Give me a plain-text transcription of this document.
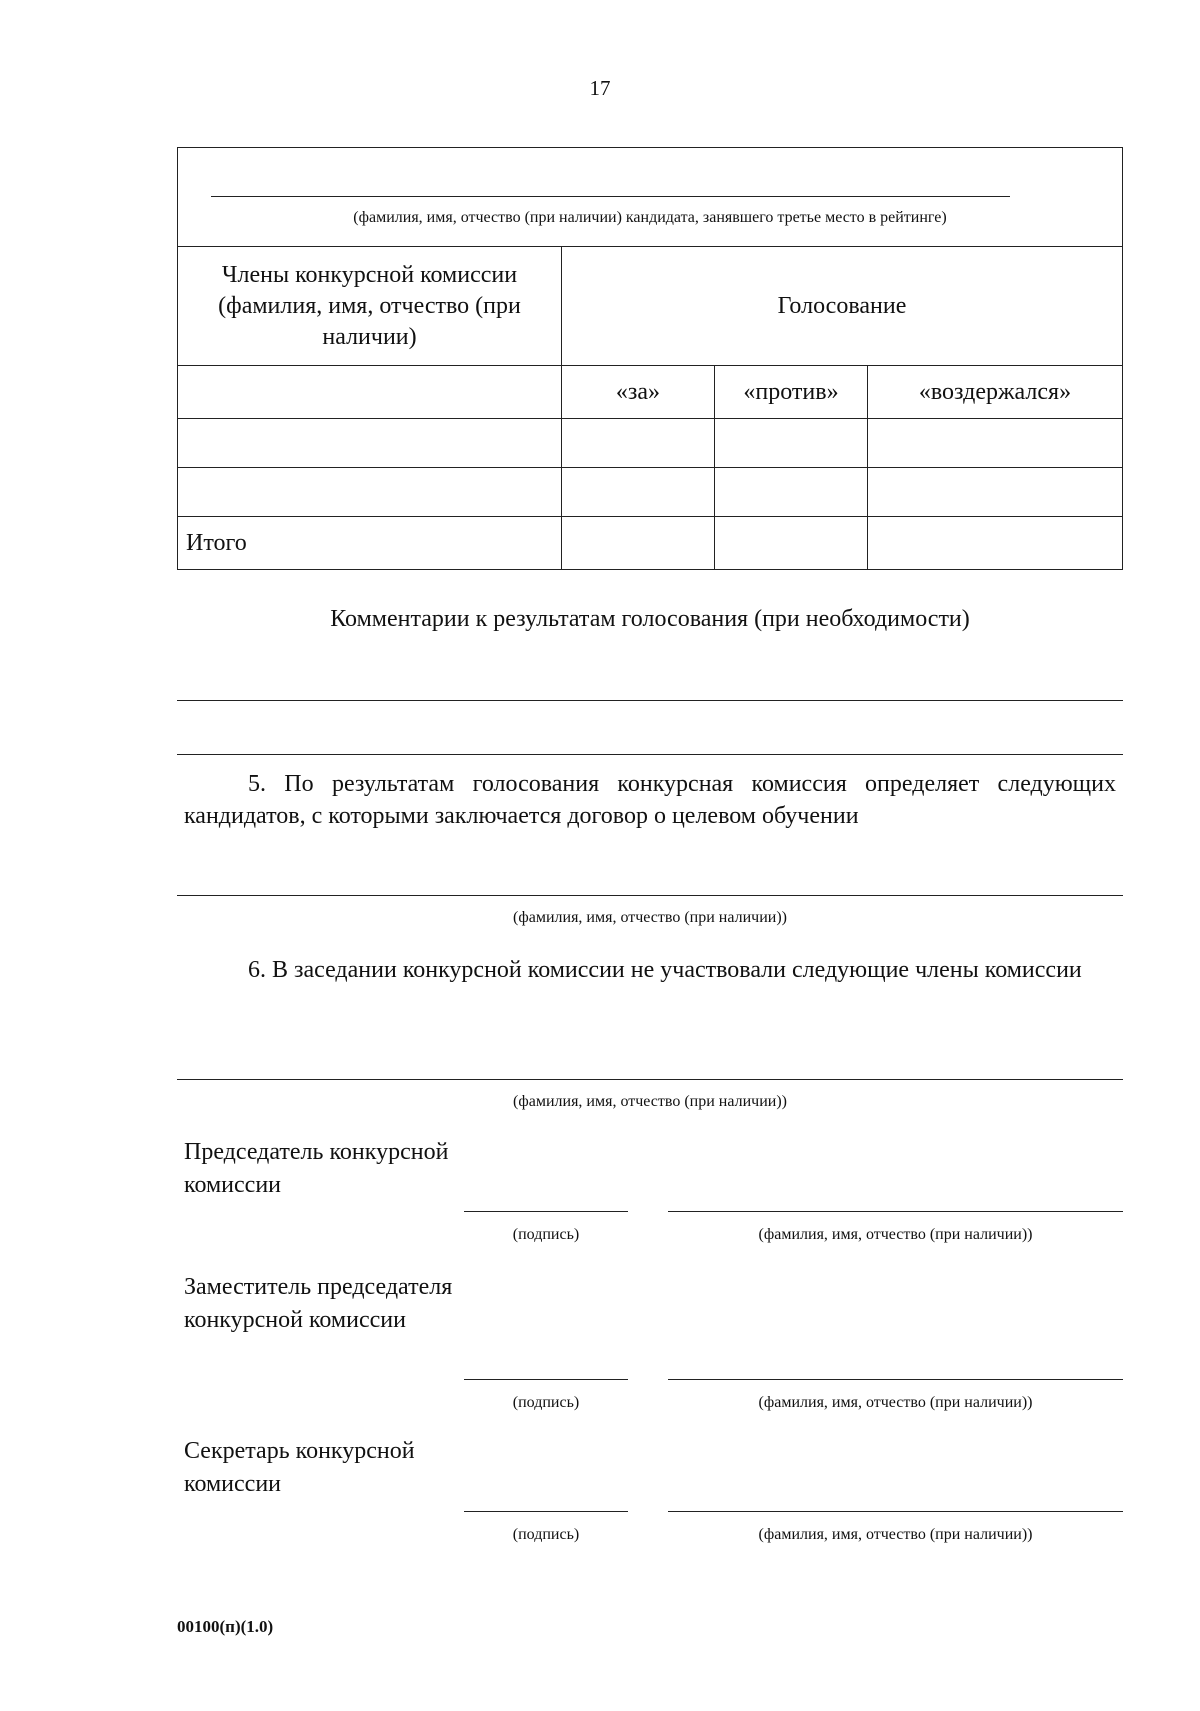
17
(фамилия, имя, отчество (при наличии) кандидата, занявшего третье место в рейтинге)			

Члены конкурсной комиссии (фамилия, имя, отчество (при наличии)	Голосование		
	«за»	«против»	«воздержался»

Итого			
Комментарии к результатам голосования (при необходимости)
5. По результатам голосования конкурсная комиссия определяет следующих кандидатов, с которыми заключается договор о целевом обучении
(фамилия, имя, отчество (при наличии))
6. В заседании конкурсной комиссии не участвовали следующие члены комиссии
(фамилия, имя, отчество (при наличии))
Председатель конкурсной комиссии
(подпись)	(фамилия, имя, отчество (при наличии))
Заместитель председателя конкурсной комиссии
(подпись)	(фамилия, имя, отчество (при наличии))
Секретарь конкурсной комиссии
(подпись)	(фамилия, имя, отчество (при наличии))
00100(п)(1.0)
